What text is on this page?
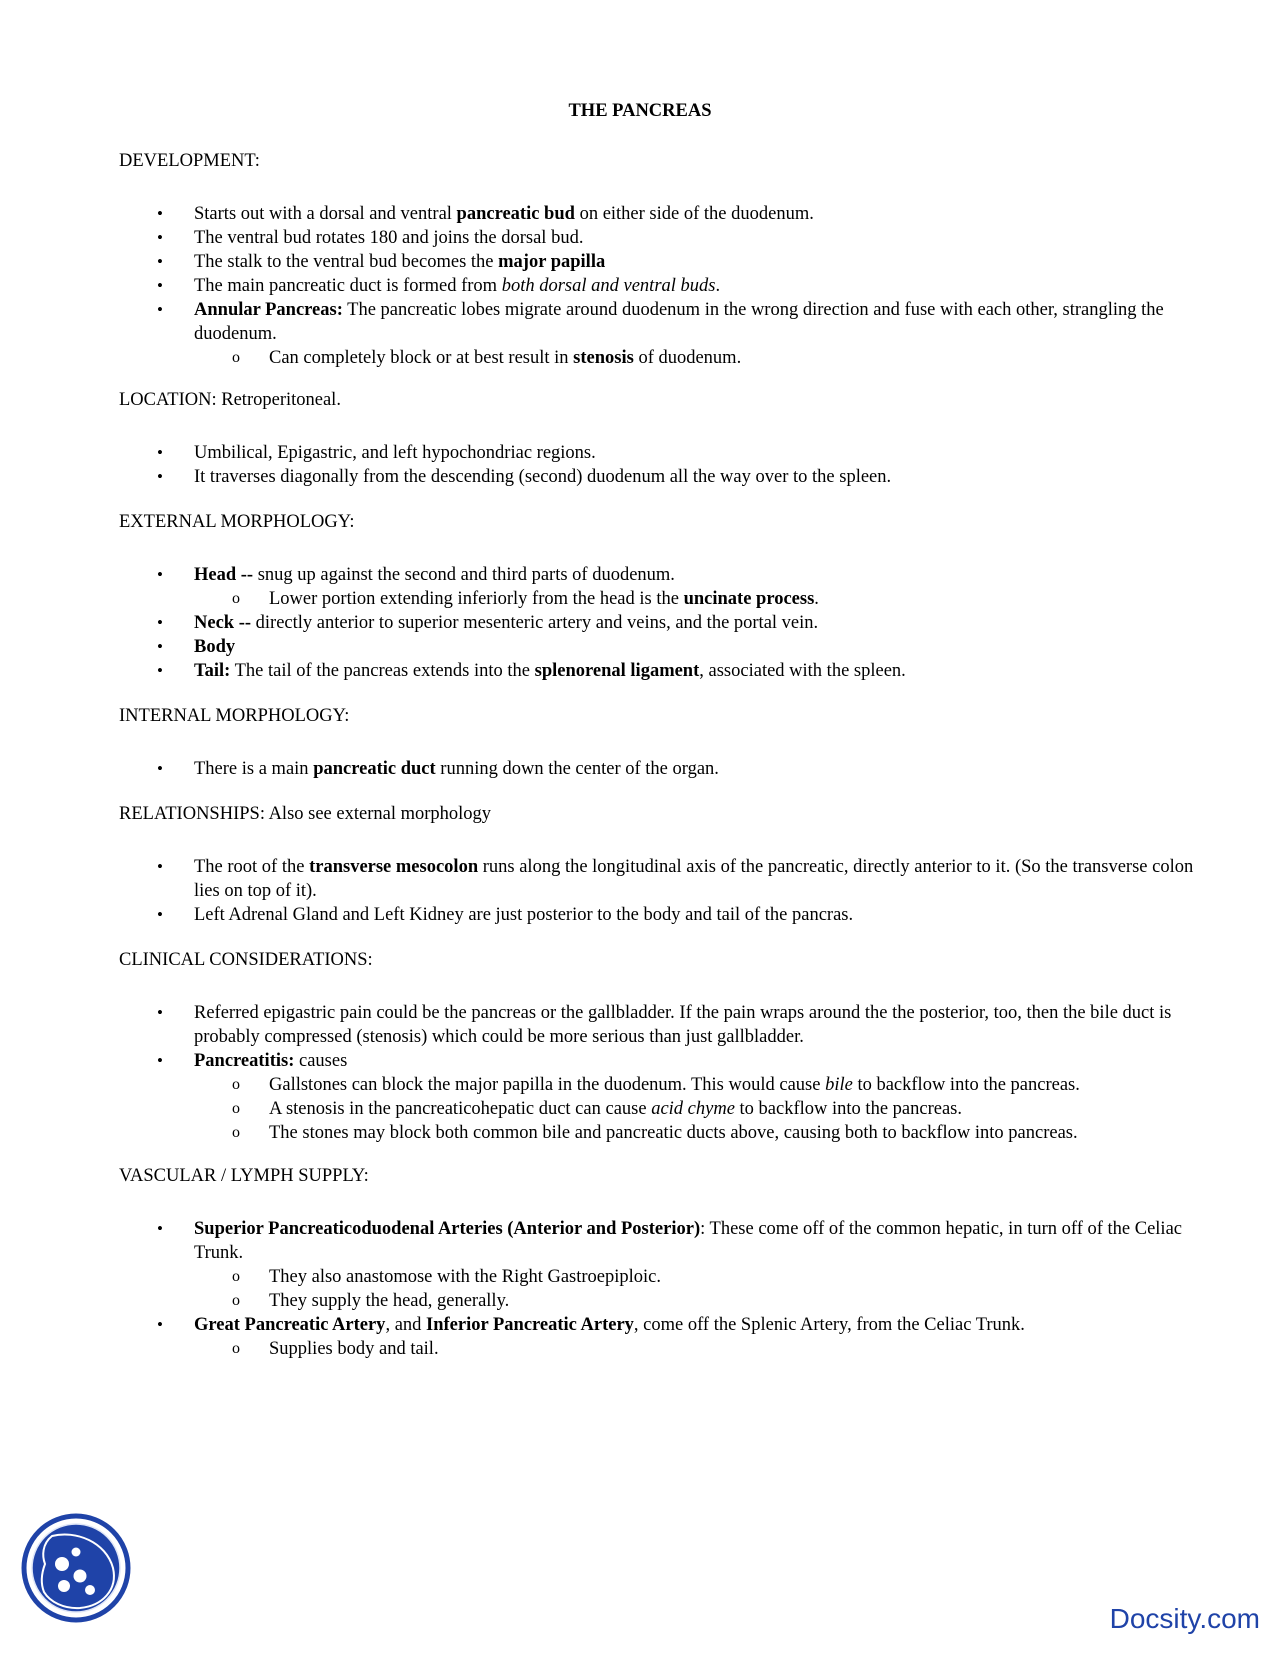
THE PANCREAS
DEVELOPMENT:
• Starts out with a dorsal and ventral pancreatic bud on either side of the duodenum.
• The ventral bud rotates 180 and joins the dorsal bud.
• The stalk to the ventral bud becomes the major papilla
• The main pancreatic duct is formed from both dorsal and ventral buds.
• Annular Pancreas: The pancreatic lobes migrate around duodenum in the wrong direction and fuse with each other, strangling the duodenum.
o Can completely block or at best result in stenosis of duodenum.
LOCATION: Retroperitoneal.
• Umbilical, Epigastric, and left hypochondriac regions.
• It traverses diagonally from the descending (second) duodenum all the way over to the spleen.
EXTERNAL MORPHOLOGY:
• Head -- snug up against the second and third parts of duodenum.
o Lower portion extending inferiorly from the head is the uncinate process.
• Neck -- directly anterior to superior mesenteric artery and veins, and the portal vein.
• Body
• Tail: The tail of the pancreas extends into the splenorenal ligament, associated with the spleen.
INTERNAL MORPHOLOGY:
• There is a main pancreatic duct running down the center of the organ.
RELATIONSHIPS: Also see external morphology
• The root of the transverse mesocolon runs along the longitudinal axis of the pancreatic, directly anterior to it. (So the transverse colon lies on top of it).
• Left Adrenal Gland and Left Kidney are just posterior to the body and tail of the pancras.
CLINICAL CONSIDERATIONS:
• Referred epigastric pain could be the pancreas or the gallbladder. If the pain wraps around the the posterior, too, then the bile duct is probably compressed (stenosis) which could be more serious than just gallbladder.
• Pancreatitis: causes
o Gallstones can block the major papilla in the duodenum. This would cause bile to backflow into the pancreas.
o A stenosis in the pancreaticohepatic duct can cause acid chyme to backflow into the pancreas.
o The stones may block both common bile and pancreatic ducts above, causing both to backflow into pancreas.
VASCULAR / LYMPH SUPPLY:
• Superior Pancreaticoduodenal Arteries (Anterior and Posterior): These come off of the common hepatic, in turn off of the Celiac Trunk.
o They also anastomose with the Right Gastroepiploic.
o They supply the head, generally.
• Great Pancreatic Artery, and Inferior Pancreatic Artery, come off the Splenic Artery, from the Celiac Trunk.
o Supplies body and tail.
Docsity.com
